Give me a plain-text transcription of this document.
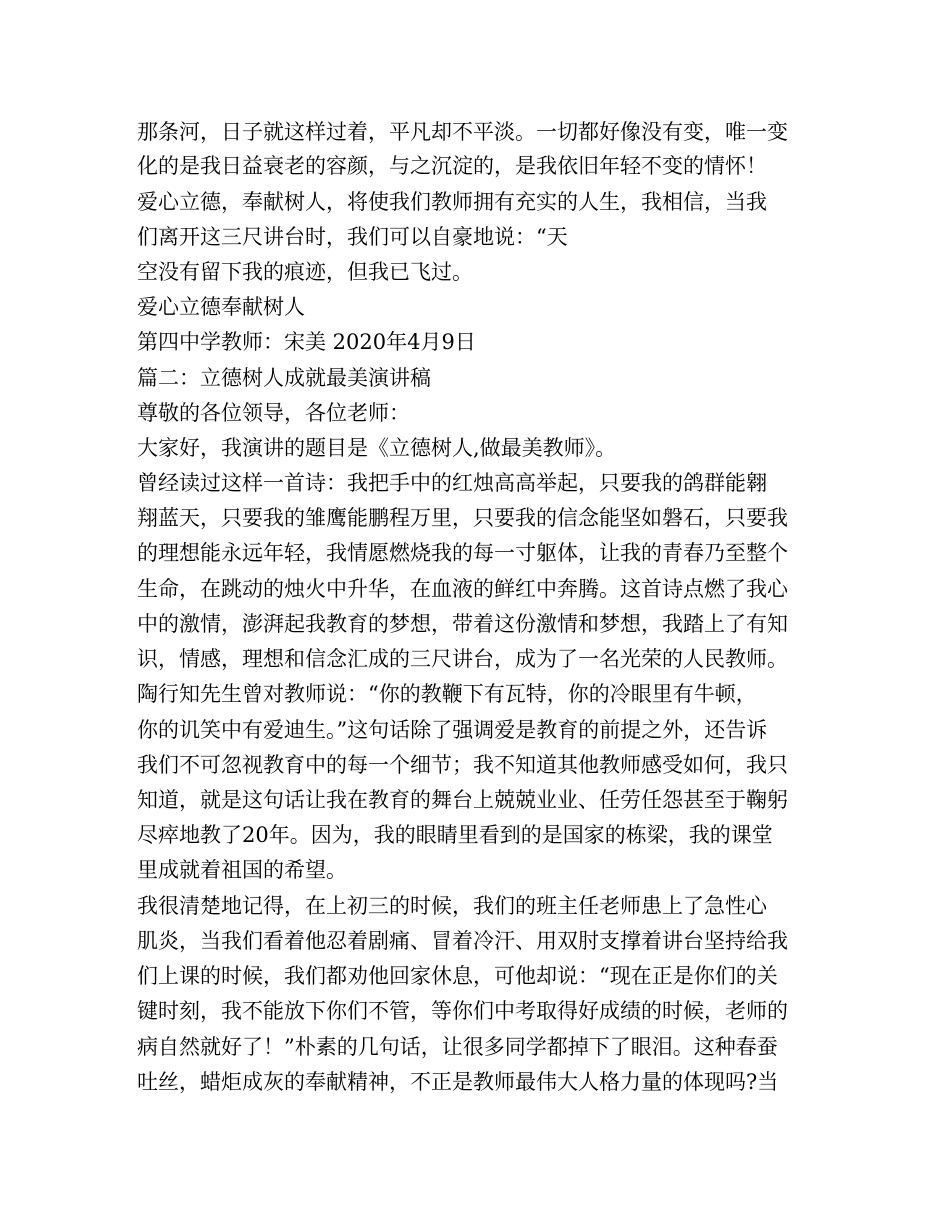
那条河，日子就这样过着，平凡却不平淡。一切都好像没有变，唯一变

化的是我日益衰老的容颜，与之沉淀的，是我依旧年轻不变的情怀！

爱心立德，奉献树人，将使我们教师拥有充实的人生，我相信，当我

们离开这三尺讲台时，我们可以自豪地说：“天

空没有留下我的痕迹，但我已飞过。

爱心立德奉献树人

第四中学教师：宋美 2020年4月9日

篇二：立德树人成就最美演讲稿

尊敬的各位领导，各位老师：

大家好，我演讲的题目是《立德树人,做最美教师》。

曾经读过这样一首诗：我把手中的红烛高高举起，只要我的鸽群能翱

翔蓝天，只要我的雏鹰能鹏程万里，只要我的信念能坚如磐石，只要我

的理想能永远年轻，我情愿燃烧我的每一寸躯体，让我的青春乃至整个

生命，在跳动的烛火中升华，在血液的鲜红中奔腾。这首诗点燃了我心

中的激情，澎湃起我教育的梦想，带着这份激情和梦想，我踏上了有知

识，情感，理想和信念汇成的三尺讲台，成为了一名光荣的人民教师。

陶行知先生曾对教师说：“你的教鞭下有瓦特，你的冷眼里有牛顿，

你的讥笑中有爱迪生。”这句话除了强调爱是教育的前提之外，还告诉

我们不可忽视教育中的每一个细节；我不知道其他教师感受如何，我只

知道，就是这句话让我在教育的舞台上兢兢业业、任劳任怨甚至于鞠躬

尽瘁地教了20年。因为，我的眼睛里看到的是国家的栋梁，我的课堂

里成就着祖国的希望。

我很清楚地记得，在上初三的时候，我们的班主任老师患上了急性心

肌炎，当我们看着他忍着剧痛、冒着冷汗、用双肘支撑着讲台坚持给我

们上课的时候，我们都劝他回家休息，可他却说：“现在正是你们的关

键时刻，我不能放下你们不管，等你们中考取得好成绩的时候，老师的

病自然就好了！”朴素的几句话，让很多同学都掉下了眼泪。这种春蚕

吐丝，蜡炬成灰的奉献精神，不正是教师最伟大人格力量的体现吗?当
